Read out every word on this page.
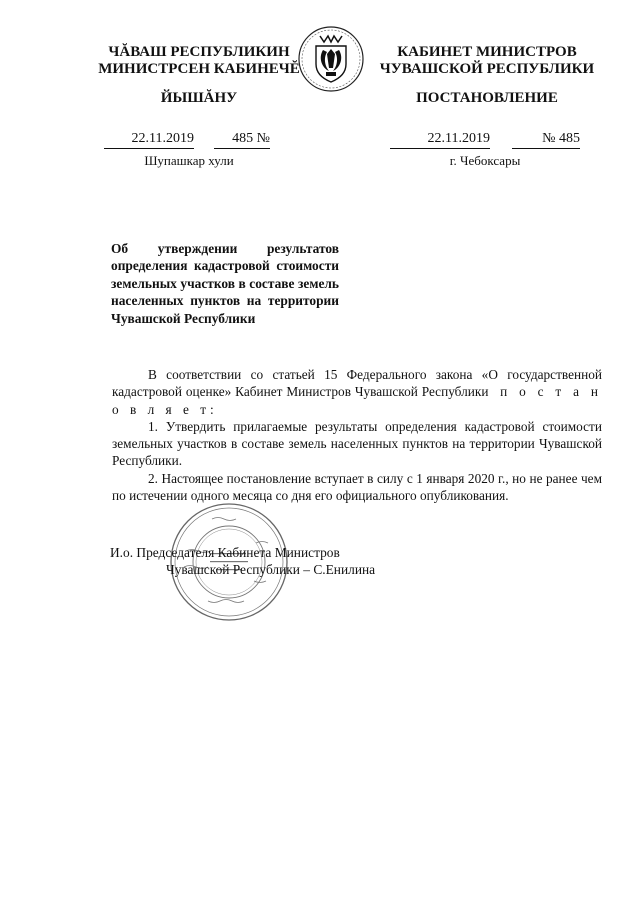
ЧĂВАШ РЕСПУБЛИКИН
МИНИСТРСЕН КАБИНЕЧĔ
ЙЫШĂНУ
КАБИНЕТ МИНИСТРОВ
ЧУВАШСКОЙ РЕСПУБЛИКИ
ПОСТАНОВЛЕНИЕ
22.11.2019	485 №
Шупашкар хули
22.11.2019	№ 485
г. Чебоксары
Об утверждении результатов определения кадастровой стоимости земельных участков в составе земель населенных пунктов на территории Чувашской Республики

В соответствии со статьей 15 Федерального закона «О государственной кадастровой оценке» Кабинет Министров Чувашской Республики п о с т а н о в л я е т:

1. Утвердить прилагаемые результаты определения кадастровой стоимости земельных участков в составе земель населенных пунктов на территории Чувашской Республики.

2. Настоящее постановление вступает в силу с 1 января 2020 г., но не ранее чем по истечении одного месяца со дня его официального опубликования.

И.о. Председателя Кабинета Министров
Чувашской Республики – С.Енилина
